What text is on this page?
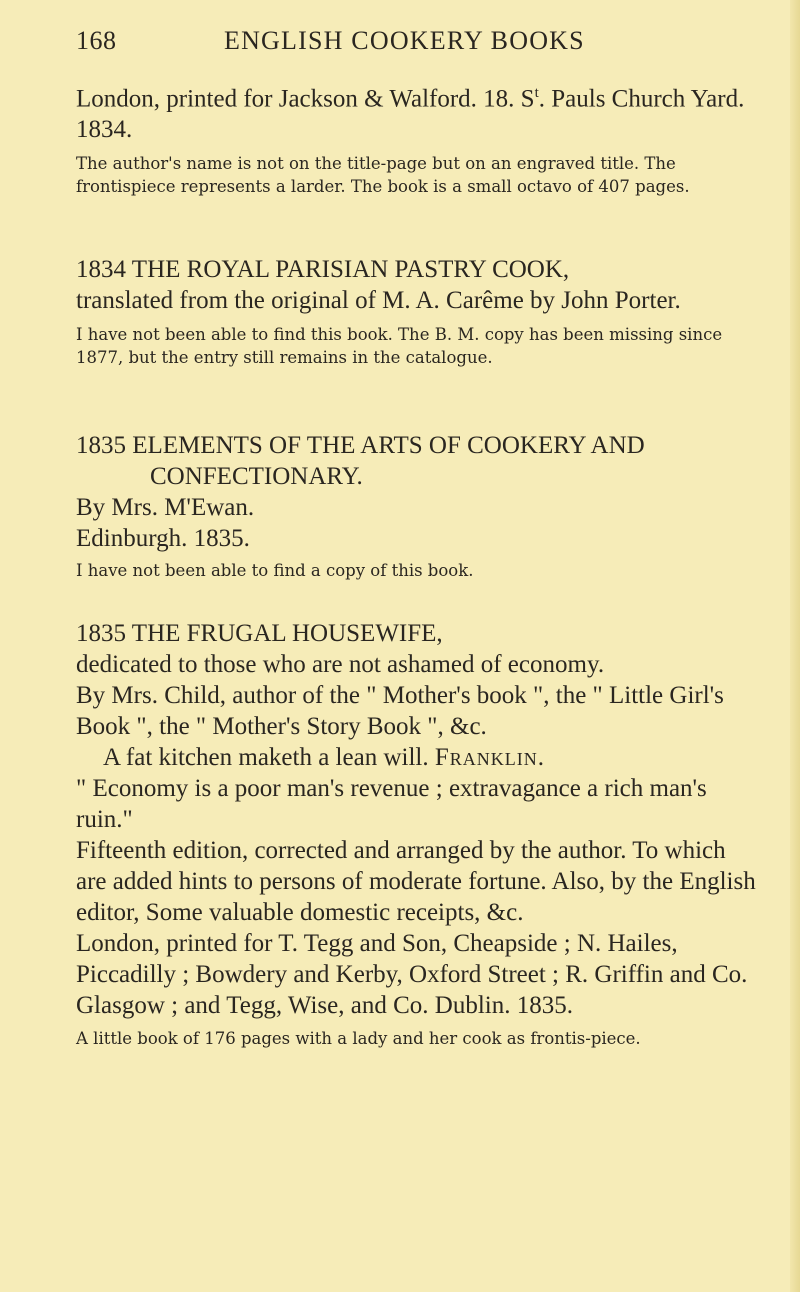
168	ENGLISH COOKERY BOOKS

London, printed for Jackson & Walford. 18. $S^t$. Pauls Church Yard. 1834.

The author's name is not on the title-page but on an engraved title. The frontispiece represents a larder. The book is a small octavo of 407 pages.

1834 THE ROYAL PARISIAN PASTRY COOK,

translated from the original of M. A. Carême by John Porter.

I have not been able to find this book. The B. M. copy has been missing since 1877, but the entry still remains in the catalogue.

1835 ELEMENTS OF THE ARTS OF COOKERY AND CONFECTIONARY.

By Mrs. M'Ewan.

Edinburgh. 1835.

I have not been able to find a copy of this book.

1835 THE FRUGAL HOUSEWIFE,

dedicated to those who are not ashamed of economy.

By Mrs. Child, author of the " Mother's book ", the " Little Girl's Book ", the " Mother's Story Book ", &c.

A fat kitchen maketh a lean will. Franklin.

" Economy is a poor man's revenue ; extravagance a rich man's ruin."

Fifteenth edition, corrected and arranged by the author. To which are added hints to persons of moderate fortune. Also, by the English editor, Some valuable domestic receipts, &c.

London, printed for T. Tegg and Son, Cheapside ; N. Hailes, Piccadilly ; Bowdery and Kerby, Oxford Street ; R. Griffin and Co. Glasgow ; and Tegg, Wise, and Co. Dublin. 1835.

A little book of 176 pages with a lady and her cook as frontis-piece.
